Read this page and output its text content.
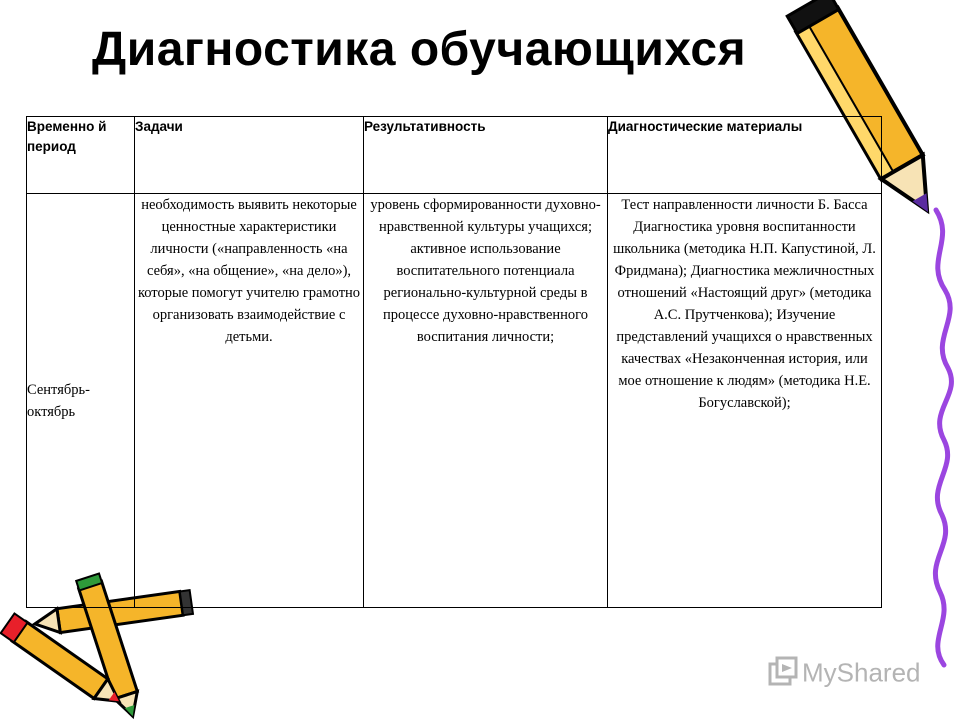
Диагностика обучающихся
Временно й период	Задачи	Результативность	Диагностические материалы
Сентябрь-октябрь	необходимость выявить некоторые ценностные характеристики личности («направленность «на себя», «на общение», «на дело»), которые помогут учителю грамотно организовать взаимодействие с детьми.	уровень сформированности духовно-нравственной культуры учащихся; активное использование воспитательного потенциала регионально-культурной среды в процессе духовно-нравственного воспитания личности;	Тест направленности личности Б. Басса Диагностика уровня воспитанности школьника (методика Н.П. Капустиной, Л. Фридмана); Диагностика межличностных отношений «Настоящий друг» (методика А.С. Прутченкова); Изучение представлений учащихся о нравственных качествах «Незаконченная история, или мое отношение к людям» (методика Н.Е. Богуславской);
MyShared
